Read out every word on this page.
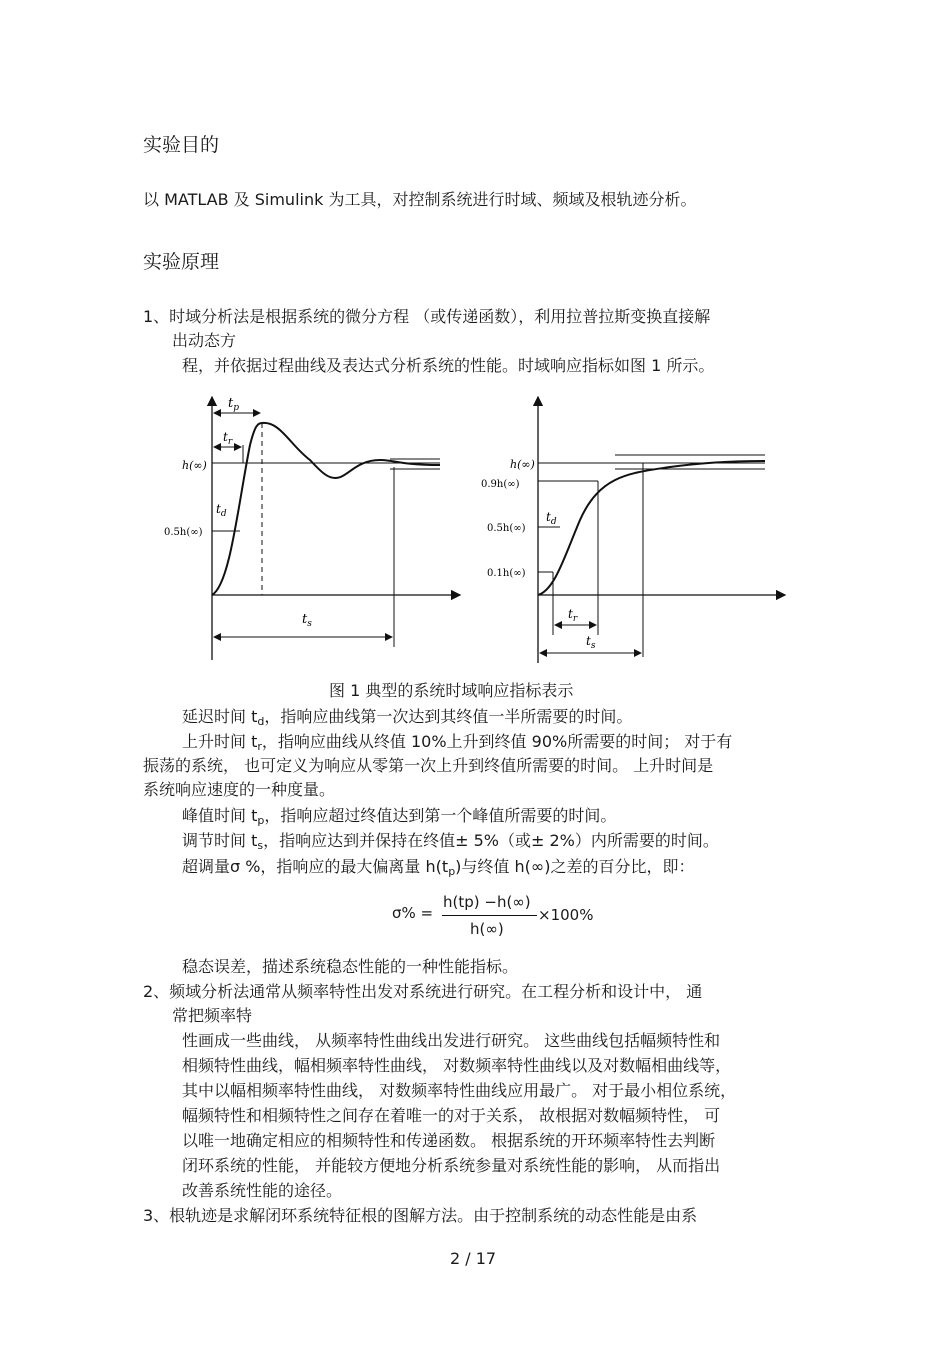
实验目的
以 MATLAB 及 Simulink 为工具，对控制系统进行时域、频域及根轨迹分析。
实验原理
1、时域分析法是根据系统的微分方程 （或传递函数），利用拉普拉斯变换直接解
出动态方
程，并依据过程曲线及表达式分析系统的性能。时域响应指标如图 1 所示。
$t_p$
$t_r$
$t_d$
$t_s$
h(∞)
0.5h(∞)
h(∞)
0.9h(∞)
0.5h(∞)
0.1h(∞)
$t_d$
$t_r$
$t_s$
图 1 典型的系统时域响应指标表示
延迟时间 $t_d$，指响应曲线第一次达到其终值一半所需要的时间。
上升时间 $t_r$，指响应曲线从终值 10%上升到终值 90%所需要的时间； 对于有
振荡的系统， 也可定义为响应从零第一次上升到终值所需要的时间。 上升时间是
系统响应速度的一种度量。
峰值时间 $t_p$，指响应超过终值达到第一个峰值所需要的时间。
调节时间 $t_s$，指响应达到并保持在终值± 5%（或± 2%）内所需要的时间。
超调量σ %，指响应的最大偏离量 $h(t_p)$与终值 h(∞)之差的百分比，即：
σ% =
h(tp) −h(∞)
h(∞)
×100%
稳态误差，描述系统稳态性能的一种性能指标。
2、频域分析法通常从频率特性出发对系统进行研究。在工程分析和设计中， 通
常把频率特
性画成一些曲线， 从频率特性曲线出发进行研究。 这些曲线包括幅频特性和
相频特性曲线，幅相频率特性曲线， 对数频率特性曲线以及对数幅相曲线等，
其中以幅相频率特性曲线， 对数频率特性曲线应用最广。 对于最小相位系统，
幅频特性和相频特性之间存在着唯一的对于关系， 故根据对数幅频特性， 可
以唯一地确定相应的相频特性和传递函数。 根据系统的开环频率特性去判断
闭环系统的性能， 并能较方便地分析系统参量对系统性能的影响， 从而指出
改善系统性能的途径。
3、根轨迹是求解闭环系统特征根的图解方法。由于控制系统的动态性能是由系
2 / 17
